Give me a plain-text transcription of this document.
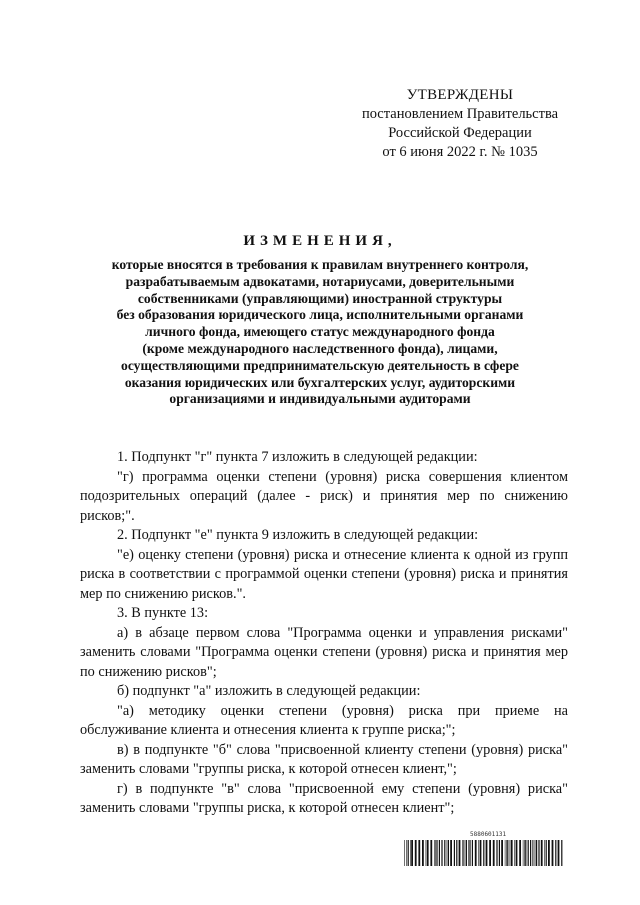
УТВЕРЖДЕНЫ
постановлением Правительства
Российской Федерации
от 6 июня 2022 г. № 1035
ИЗМЕНЕНИЯ,
которые вносятся в требования к правилам внутреннего контроля,
разрабатываемым адвокатами, нотариусами, доверительными
собственниками (управляющими) иностранной структуры
без образования юридического лица, исполнительными органами
личного фонда, имеющего статус международного фонда
(кроме международного наследственного фонда), лицами,
осуществляющими предпринимательскую деятельность в сфере
оказания юридических или бухгалтерских услуг, аудиторскими
организациями и индивидуальными аудиторами

1. Подпункт "г" пункта 7 изложить в следующей редакции:

"г) программа оценки степени (уровня) риска совершения клиентом подозрительных операций (далее - риск) и принятия мер по снижению рисков;".

2. Подпункт "е" пункта 9 изложить в следующей редакции:

"е) оценку степени (уровня) риска и отнесение клиента к одной из групп риска в соответствии с программой оценки степени (уровня) риска и принятия мер по снижению рисков.".

3. В пункте 13:

а) в абзаце первом слова "Программа оценки и управления рисками" заменить словами "Программа оценки степени (уровня) риска и принятия мер по снижению рисков";

б) подпункт "а" изложить в следующей редакции:

"а) методику оценки степени (уровня) риска при приеме на обслуживание клиента и отнесения клиента к группе риска;";

в) в подпункте "б" слова "присвоенной клиенту степени (уровня) риска" заменить словами "группы риска, к которой отнесен клиент,";

г) в подпункте "в" слова "присвоенной ему степени (уровня) риска" заменить словами "группы риска, к которой отнесен клиент";

5880601131
